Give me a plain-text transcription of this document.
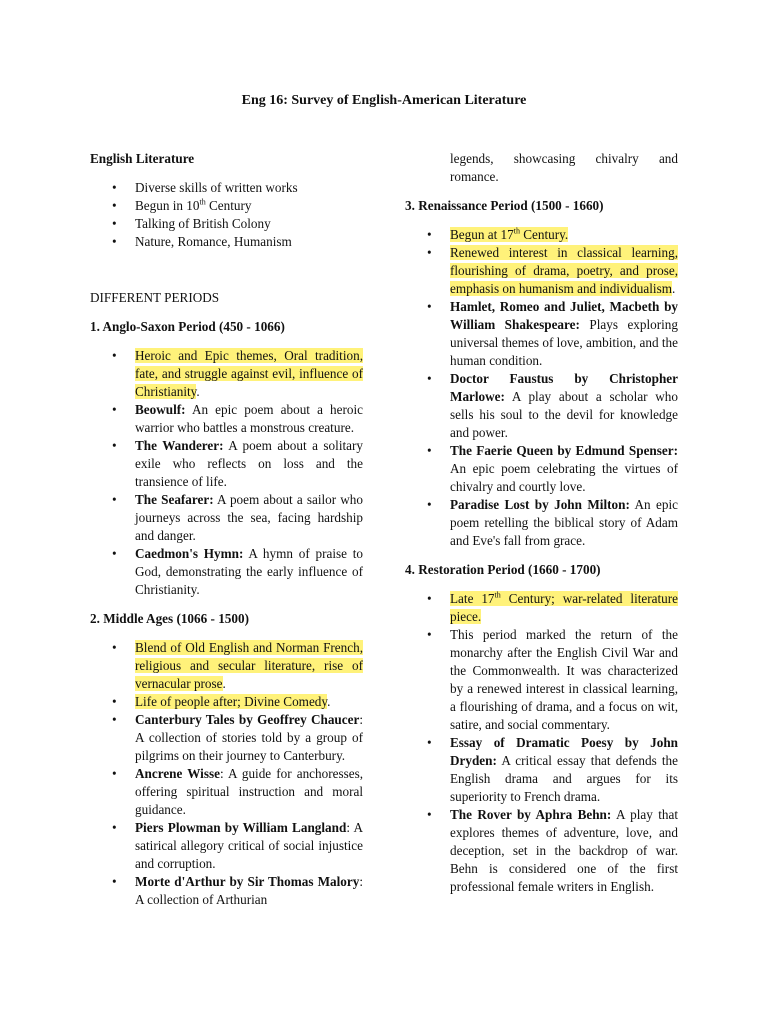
Eng 16: Survey of English-American Literature

English Literature

• Diverse skills of written works
• Begun in 10th Century
• Talking of British Colony
• Nature, Romance, Humanism

DIFFERENT PERIODS

1. Anglo-Saxon Period (450 - 1066)

• Heroic and Epic themes, Oral tradition, fate, and struggle against evil, influence of Christianity.
• Beowulf: An epic poem about a heroic warrior who battles a monstrous creature.
• The Wanderer: A poem about a solitary exile who reflects on loss and the transience of life.
• The Seafarer: A poem about a sailor who journeys across the sea, facing hardship and danger.
• Caedmon's Hymn: A hymn of praise to God, demonstrating the early influence of Christianity.

2. Middle Ages (1066 - 1500)

• Blend of Old English and Norman French, religious and secular literature, rise of vernacular prose.
• Life of people after; Divine Comedy.
• Canterbury Tales by Geoffrey Chaucer: A collection of stories told by a group of pilgrims on their journey to Canterbury.
• Ancrene Wisse: A guide for anchoresses, offering spiritual instruction and moral guidance.
• Piers Plowman by William Langland: A satirical allegory critical of social injustice and corruption.
• Morte d'Arthur by Sir Thomas Malory: A collection of Arthurian

legends, showcasing chivalry and romance.

3. Renaissance Period (1500 - 1660)

• Begun at 17th Century.
• Renewed interest in classical learning, flourishing of drama, poetry, and prose, emphasis on humanism and individualism.
• Hamlet, Romeo and Juliet, Macbeth by William Shakespeare: Plays exploring universal themes of love, ambition, and the human condition.
• Doctor Faustus by Christopher Marlowe: A play about a scholar who sells his soul to the devil for knowledge and power.
• The Faerie Queen by Edmund Spenser: An epic poem celebrating the virtues of chivalry and courtly love.
• Paradise Lost by John Milton: An epic poem retelling the biblical story of Adam and Eve's fall from grace.

4. Restoration Period (1660 - 1700)

• Late 17th Century; war-related literature piece.
• This period marked the return of the monarchy after the English Civil War and the Commonwealth. It was characterized by a renewed interest in classical learning, a flourishing of drama, and a focus on wit, satire, and social commentary.
• Essay of Dramatic Poesy by John Dryden: A critical essay that defends the English drama and argues for its superiority to French drama.
• The Rover by Aphra Behn: A play that explores themes of adventure, love, and deception, set in the backdrop of war. Behn is considered one of the first professional female writers in English.
